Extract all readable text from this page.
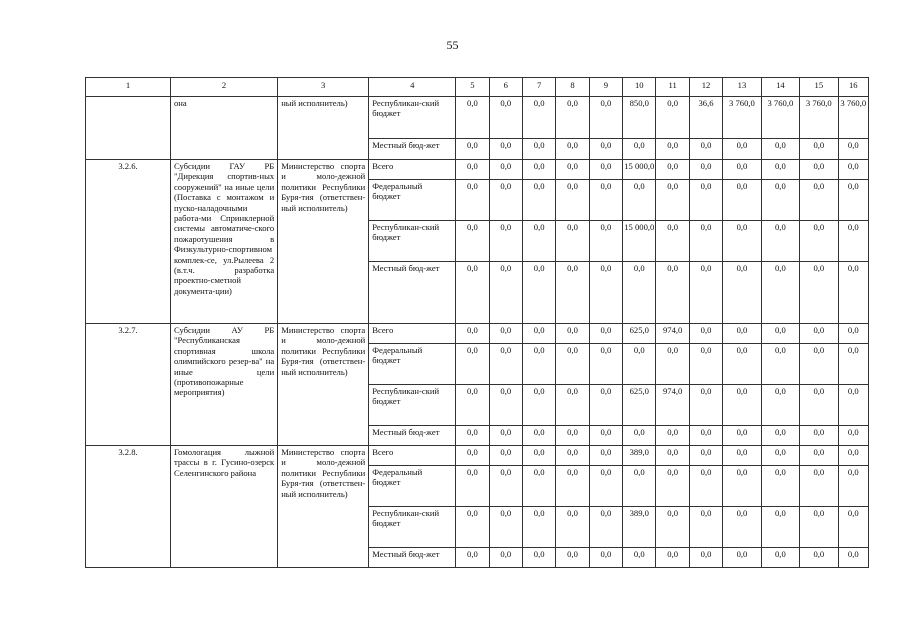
55
1	2	3	4	5	6	7	8	9	10	11	12	13	14	15	16
	она	ный исполнитель)	Республикан-ский бюджет	0,0	0,0	0,0	0,0	0,0	850,0	0,0	36,6	3 760,0	3 760,0	3 760,0	3 760,0
			Местный бюд-жет	0,0	0,0	0,0	0,0	0,0	0,0	0,0	0,0	0,0	0,0	0,0	0,0
3.2.6.	Субсидии ГАУ РБ "Дирекция спортив-ных сооружений" на иные цели (Поставка с монтажом и пуско-наладочными работа-ми Спринклерной системы автоматиче-ского пожаротушения в Физкультурно-спортивном комплек-се, ул.Рылеева 2 (в.т.ч. разработка проектно-сметной документа-ции)	Министерство спорта и моло-дежной политики Республики Буря-тия (ответствен-ный исполнитель)	Всего	0,0	0,0	0,0	0,0	0,0	15 000,0	0,0	0,0	0,0	0,0	0,0	0,0
			Федеральный бюджет	0,0	0,0	0,0	0,0	0,0	0,0	0,0	0,0	0,0	0,0	0,0	0,0
			Республикан-ский бюджет	0,0	0,0	0,0	0,0	0,0	15 000,0	0,0	0,0	0,0	0,0	0,0	0,0
			Местный бюд-жет	0,0	0,0	0,0	0,0	0,0	0,0	0,0	0,0	0,0	0,0	0,0	0,0
3.2.7.	Субсидии АУ РБ "Республиканская спортивная школа олимпийского резер-ва" на иные цели (противопожарные мероприятия)	Министерство спорта и моло-дежной политики Республики Буря-тия (ответствен-ный исполнитель)	Всего	0,0	0,0	0,0	0,0	0,0	625,0	974,0	0,0	0,0	0,0	0,0	0,0
			Федеральный бюджет	0,0	0,0	0,0	0,0	0,0	0,0	0,0	0,0	0,0	0,0	0,0	0,0
			Республикан-ский бюджет	0,0	0,0	0,0	0,0	0,0	625,0	974,0	0,0	0,0	0,0	0,0	0,0
			Местный бюд-жет	0,0	0,0	0,0	0,0	0,0	0,0	0,0	0,0	0,0	0,0	0,0	0,0
3.2.8.	Гомологация лыжной трассы в г. Гусино-озерск Селенгинского района	Министерство спорта и моло-дежной политики Республики Буря-тия (ответствен-ный исполнитель)	Всего	0,0	0,0	0,0	0,0	0,0	389,0	0,0	0,0	0,0	0,0	0,0	0,0
			Федеральный бюджет	0,0	0,0	0,0	0,0	0,0	0,0	0,0	0,0	0,0	0,0	0,0	0,0
			Республикан-ский бюджет	0,0	0,0	0,0	0,0	0,0	389,0	0,0	0,0	0,0	0,0	0,0	0,0
			Местный бюд-жет	0,0	0,0	0,0	0,0	0,0	0,0	0,0	0,0	0,0	0,0	0,0	0,0
